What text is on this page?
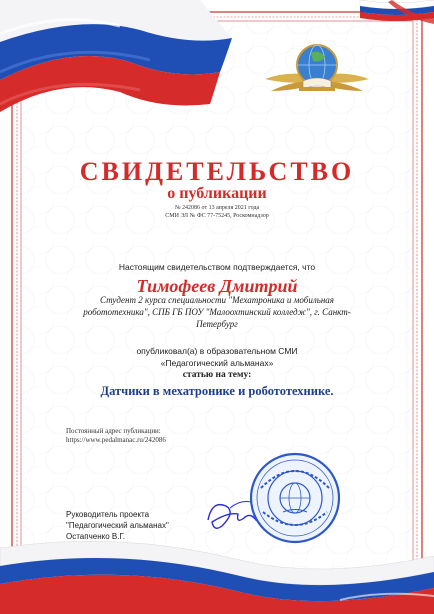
СВИДЕТЕЛЬСТВО
о публикации
№ 242086 от 13 апреля 2021 года
СМИ ЭЛ № ФС 77-75245, Роскомнадзор
Настоящим свидетельством подтверждается, что
Тимофеев Дмитрий
Студент 2 курса специальности "Мехатроника и мобильная
робототехника", СПБ ГБ ПОУ "Малоохтинский колледж", г. Санкт-
Петербург
опубликовал(а) в образовательном СМИ
«Педагогический альманах»
статью на тему:
Датчики в мехатронике и робототехнике.
Постоянный адрес публикации:
https://www.pedalmanac.ru/242086
Руководитель проекта
"Педагогический альманах"
Остапченко В.Г.
